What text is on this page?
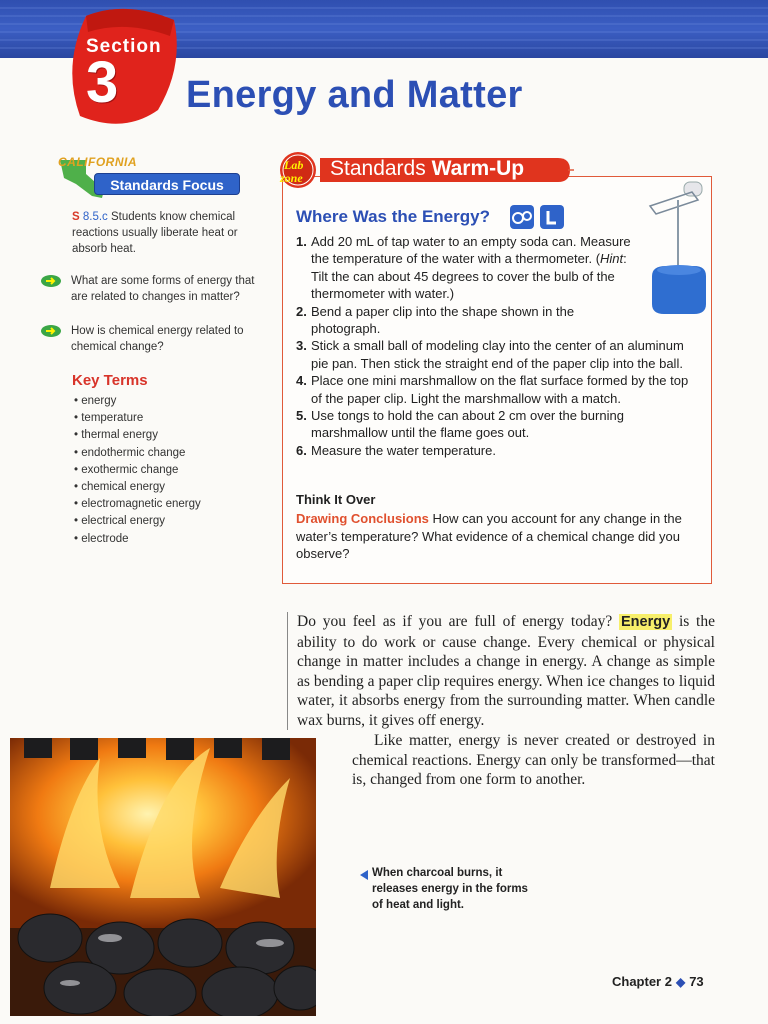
Section
3 Energy and Matter
CALIFORNIA
Standards Focus
S 8.5.c Students know chemical reactions usually liberate heat or absorb heat.
What are some forms of energy that are related to changes in matter?
How is chemical energy related to chemical change?
Key Terms
• energy
• temperature
• thermal energy
• endothermic change
• exothermic change
• chemical energy
• electromagnetic energy
• electrical energy
• electrode
Lab
zone Standards Warm-Up
Where Was the Energy?
1. Add 20 mL of tap water to an empty soda can. Measure the temperature of the water with a thermometer. (Hint: Tilt the can about 45 degrees to cover the bulb of the thermometer with water.)
2. Bend a paper clip into the shape shown in the photograph.
3. Stick a small ball of modeling clay into the center of an aluminum pie pan. Then stick the straight end of the paper clip into the ball.
4. Place one mini marshmallow on the flat surface formed by the top of the paper clip. Light the marshmallow with a match.
5. Use tongs to hold the can about 2 cm over the burning marshmallow until the flame goes out.
6. Measure the water temperature.
Think It Over
Drawing Conclusions How can you account for any change in the water’s temperature? What evidence of a chemical change did you observe?
Do you feel as if you are full of energy today? Energy is the ability to do work or cause change. Every chemical or physical change in matter includes a change in energy. A change as simple as bending a paper clip requires energy. When ice changes to liquid water, it absorbs energy from the surrounding matter. When candle wax burns, it gives off energy.
Like matter, energy is never created or destroyed in chemical reactions. Energy can only be transformed—that is, changed from one form to another.
When charcoal burns, it releases energy in the forms of heat and light.
Chapter 2 ◆ 73
